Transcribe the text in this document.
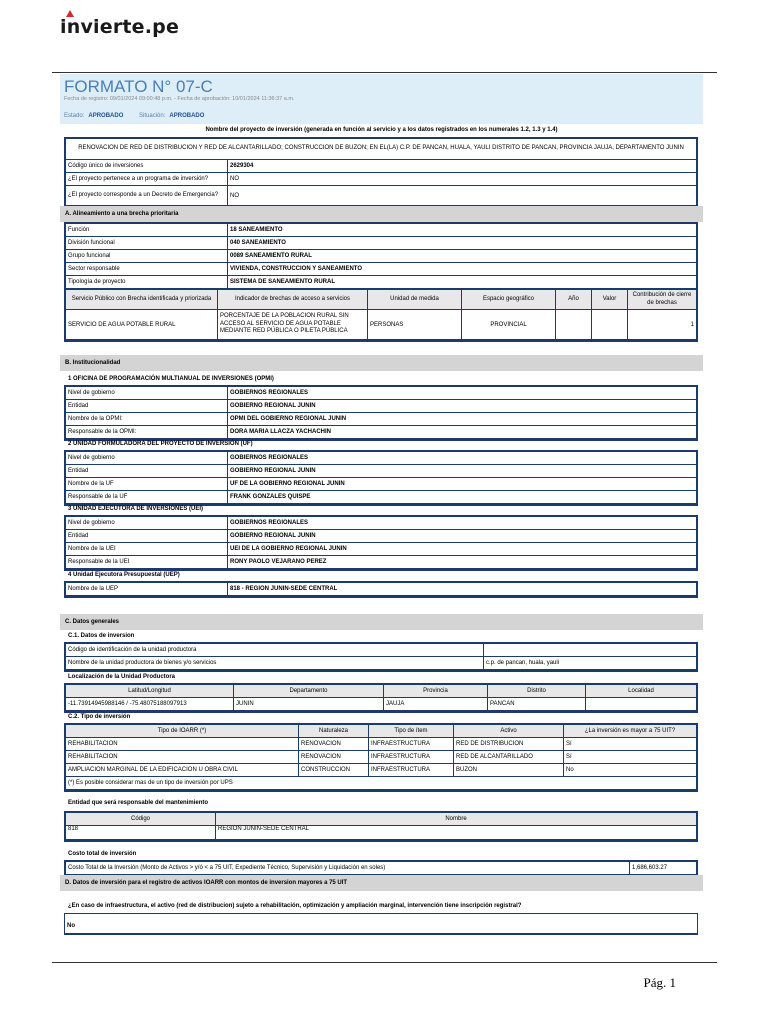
invierte.pe
FORMATO N° 07-C
Fecha de registro: 09/01/2024 09:00:48 p.m. - Fecha de aprobación: 10/01/2024 11:36:37 a.m.
Estado: APROBADO	Situación: APROBADO
Nombre del proyecto de inversión (generada en función al servicio y a los datos registrados en los numerales 1.2, 1.3 y 1.4)
RENOVACION DE RED DE DISTRIBUCION Y RED DE ALCANTARILLADO; CONSTRUCCION DE BUZON; EN EL(LA) C.P. DE PANCAN, HUALA, YAULI DISTRITO DE PANCAN, PROVINCIA JAUJA, DEPARTAMENTO JUNIN	
Código único de inversiones	2629304
¿El proyecto pertenece a un programa de inversión?	NO
¿El proyecto corresponde a un Decreto de Emergencia?	NO
A. Alineamiento a una brecha prioritaria
Función	18 SANEAMIENTO
División funcional	040 SANEAMIENTO
Grupo funcional	0089 SANEAMIENTO RURAL
Sector responsable	VIVIENDA, CONSTRUCCION Y SANEAMIENTO
Tipología de proyecto	SISTEMA DE SANEAMIENTO RURAL
Servicio Público con Brecha identificada y priorizada	Indicador de brechas de acceso a servicios	Unidad de medida	Espacio geográfico	Año	Valor	Contribución de cierre de brechas
SERVICIO DE AGUA POTABLE RURAL	PORCENTAJE DE LA POBLACION RURAL SIN ACCESO AL SERVICIO DE AGUA POTABLE MEDIANTE RED PÚBLICA O PILETA PÚBLICA	PERSONAS	PROVINCIAL			1
B. Institucionalidad
1 OFICINA DE PROGRAMACIÓN MULTIANUAL DE INVERSIONES (OPMI)
Nivel de gobierno	GOBIERNOS REGIONALES
Entidad	GOBIERNO REGIONAL JUNIN
Nombre de la OPMI:	OPMI DEL GOBIERNO REGIONAL JUNIN
Responsable de la OPMI:	DORA MARIA LLACZA YACHACHIN
2 UNIDAD FORMULADORA DEL PROYECTO DE INVERSIÓN (UF)
Nivel de gobierno	GOBIERNOS REGIONALES
Entidad	GOBIERNO REGIONAL JUNIN
Nombre de la UF	UF DE LA GOBIERNO REGIONAL JUNIN
Responsable de la UF	FRANK GONZALES QUISPE
3 UNIDAD EJECUTORA DE INVERSIONES (UEI)
Nivel de gobierno	GOBIERNOS REGIONALES
Entidad	GOBIERNO REGIONAL JUNIN
Nombre de la UEI	UEI DE LA GOBIERNO REGIONAL JUNIN
Responsable de la UEI	RONY PAOLO VEJARANO PEREZ
4 Unidad Ejecutora Presupuestal (UEP)
Nombre de la UEP	818 - REGION JUNIN-SEDE CENTRAL
C. Datos generales
C.1. Datos de inversion
Código de identificación de la unidad productora	
Nombre de la unidad productora de bienes y/o servicios	c.p. de pancan, huala, yauli
Localización de la Unidad Productora
Latitud/Longitud	Departamento	Provincia	Distrito	Localidad
-11.73914945988146 / -75.48075188097913	JUNIN	JAUJA	PANCAN	
C.2. Tipo de inversión
Tipo de IOARR (*)	Naturaleza	Tipo de ítem	Activo	¿La inversión es mayor a 75 UIT?
REHABILITACION	RENOVACION	INFRAESTRUCTURA	RED DE DISTRIBUCION	Sí
REHABILITACION	RENOVACION	INFRAESTRUCTURA	RED DE ALCANTARILLADO	Sí
AMPLIACION MARGINAL DE LA EDIFICACION U OBRA CIVIL	CONSTRUCCION	INFRAESTRUCTURA	BUZON	No
(*) Es posible considerar mas de un tipo de inversión por UPS				
Entidad que será responsable del mantenimiento
Código	Nombre
818	REGION JUNIN-SEDE CENTRAL
Costo total de inversión
Costo Total de la Inversión (Monto de Activos > y/ó < a 75 UIT, Expediente Técnico, Supervisión y Liquidación en soles)	1,686,603.27
D. Datos de inversión para el registro de activos IOARR con montos de inversion mayores a 75 UIT
¿En caso de infraestructura, el activo (red de distribucion) sujeto a rehabilitación, optimización y ampliación marginal, intervención tiene inscripción registral?
No
Pág. 1
